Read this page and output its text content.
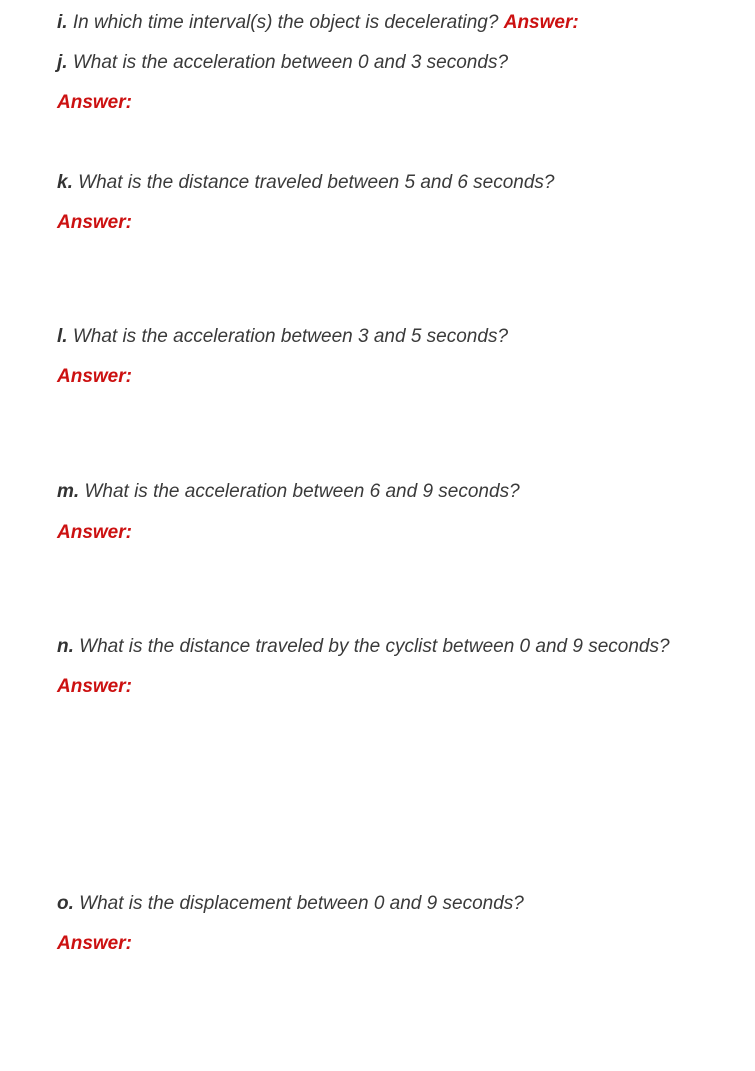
i. In which time interval(s) the object is decelerating? Answer:
j. What is the acceleration between 0 and 3 seconds?
Answer:
k. What is the distance traveled between 5 and 6 seconds?
Answer:
l. What is the acceleration between 3 and 5 seconds?
Answer:
m. What is the acceleration between 6 and 9 seconds?
Answer:
n. What is the distance traveled by the cyclist between 0 and 9 seconds?
Answer:
o. What is the displacement between 0 and 9 seconds?
Answer:
